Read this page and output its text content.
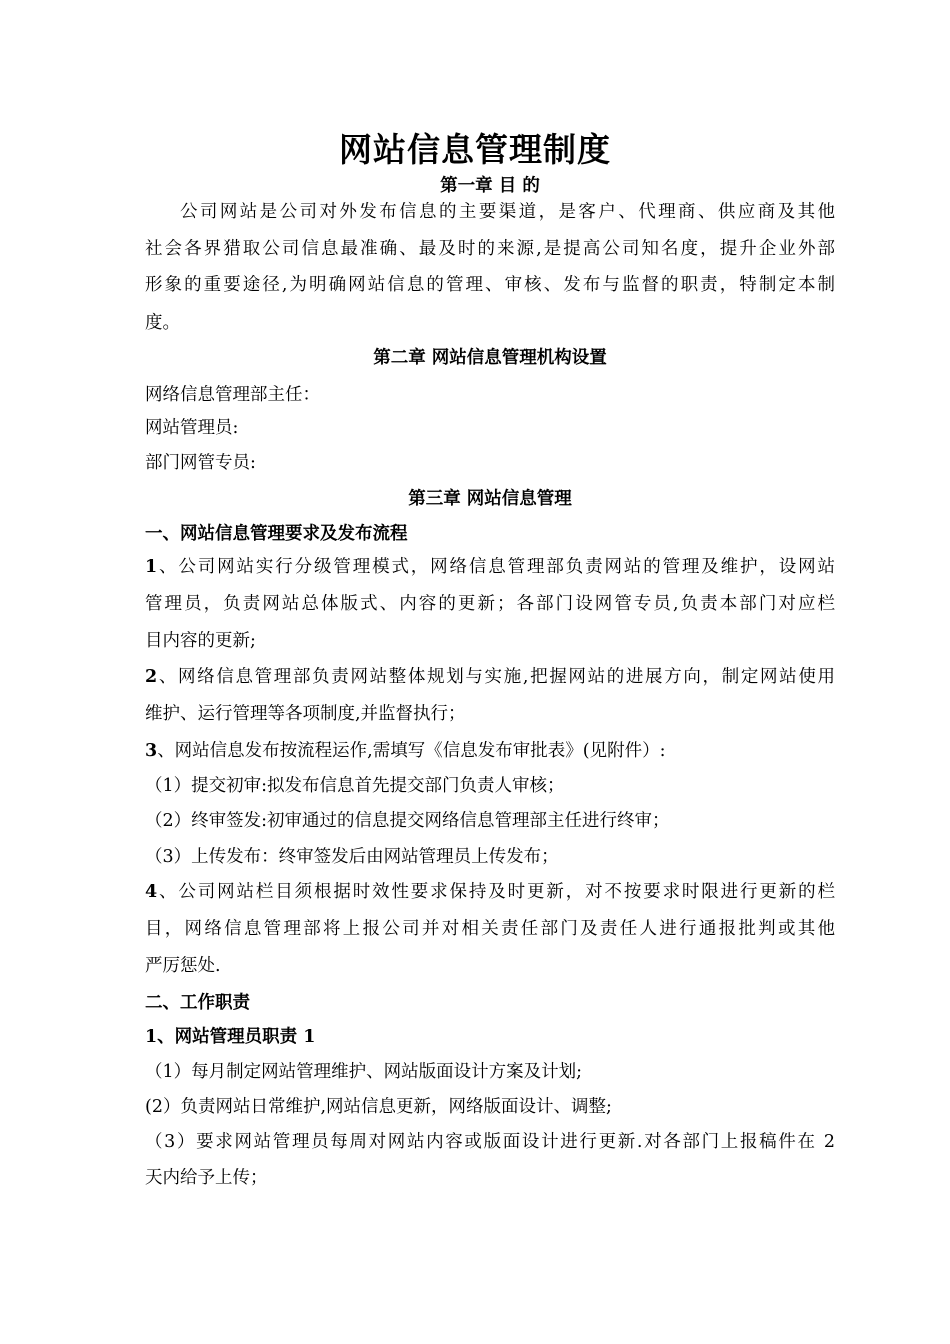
网站信息管理制度
第一章 目 的
公司网站是公司对外发布信息的主要渠道，是客户、代理商、供应商及其他
社会各界猎取公司信息最准确、最及时的来源,是提高公司知名度，提升企业外部
形象的重要途径,为明确网站信息的管理、审核、发布与监督的职责，特制定本制
度。
第二章 网站信息管理机构设置
网络信息管理部主任：
网站管理员:
部门网管专员:
第三章 网站信息管理
一、网站信息管理要求及发布流程
1、公司网站实行分级管理模式，网络信息管理部负责网站的管理及维护，设网站
管理员，负责网站总体版式、内容的更新；各部门设网管专员,负责本部门对应栏
目内容的更新;
2、网络信息管理部负责网站整体规划与实施,把握网站的进展方向，制定网站使用
维护、运行管理等各项制度,并监督执行；
3、网站信息发布按流程运作,需填写《信息发布审批表》(见附件）:
（1）提交初审:拟发布信息首先提交部门负责人审核；
（2）终审签发:初审通过的信息提交网络信息管理部主任进行终审；
（3）上传发布：终审签发后由网站管理员上传发布；
4、公司网站栏目须根据时效性要求保持及时更新，对不按要求时限进行更新的栏
目，网络信息管理部将上报公司并对相关责任部门及责任人进行通报批判或其他
严厉惩处.
二、工作职责
1、网站管理员职责 1
（1）每月制定网站管理维护、网站版面设计方案及计划;
(2）负责网站日常维护,网站信息更新，网络版面设计、调整;
（3）要求网站管理员每周对网站内容或版面设计进行更新.对各部门上报稿件在 2
天内给予上传；
